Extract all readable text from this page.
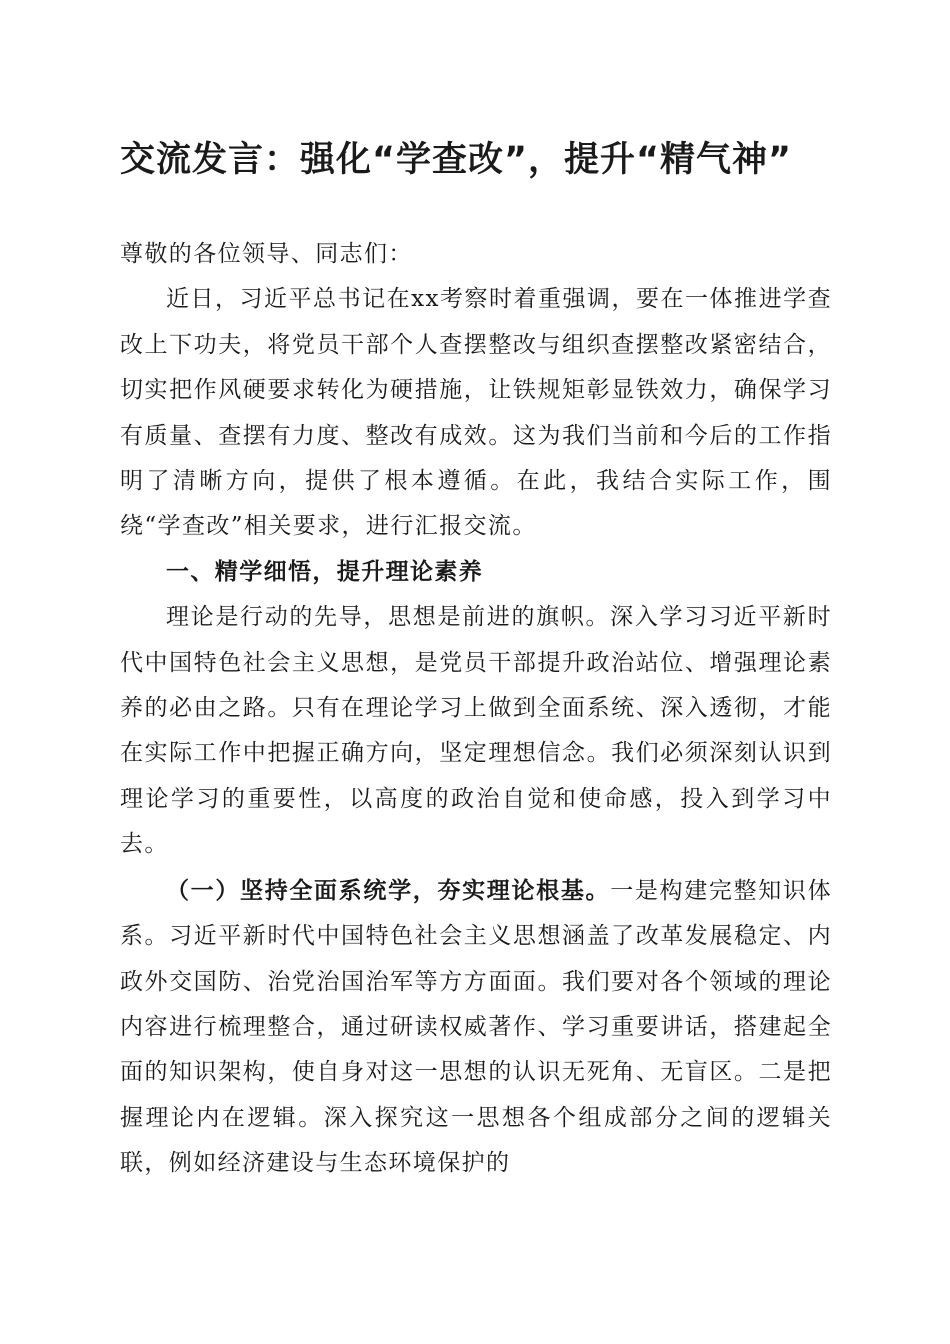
交流发言：强化“学查改”，提升“精气神”

尊敬的各位领导、同志们：

近日，习近平总书记在xx考察时着重强调，要在一体推进学查改上下功夫，将党员干部个人查摆整改与组织查摆整改紧密结合，切实把作风硬要求转化为硬措施，让铁规矩彰显铁效力，确保学习有质量、查摆有力度、整改有成效。这为我们当前和今后的工作指明了清晰方向，提供了根本遵循。在此，我结合实际工作，围绕“学查改”相关要求，进行汇报交流。

一、精学细悟，提升理论素养

理论是行动的先导，思想是前进的旗帜。深入学习习近平新时代中国特色社会主义思想，是党员干部提升政治站位、增强理论素养的必由之路。只有在理论学习上做到全面系统、深入透彻，才能在实际工作中把握正确方向，坚定理想信念。我们必须深刻认识到理论学习的重要性，以高度的政治自觉和使命感，投入到学习中去。

（一）坚持全面系统学，夯实理论根基。一是构建完整知识体系。习近平新时代中国特色社会主义思想涵盖了改革发展稳定、内政外交国防、治党治国治军等方方面面。我们要对各个领域的理论内容进行梳理整合，通过研读权威著作、学习重要讲话，搭建起全面的知识架构，使自身对这一思想的认识无死角、无盲区。二是把握理论内在逻辑。深入探究这一思想各个组成部分之间的逻辑关联，例如经济建设与生态环境保护的
